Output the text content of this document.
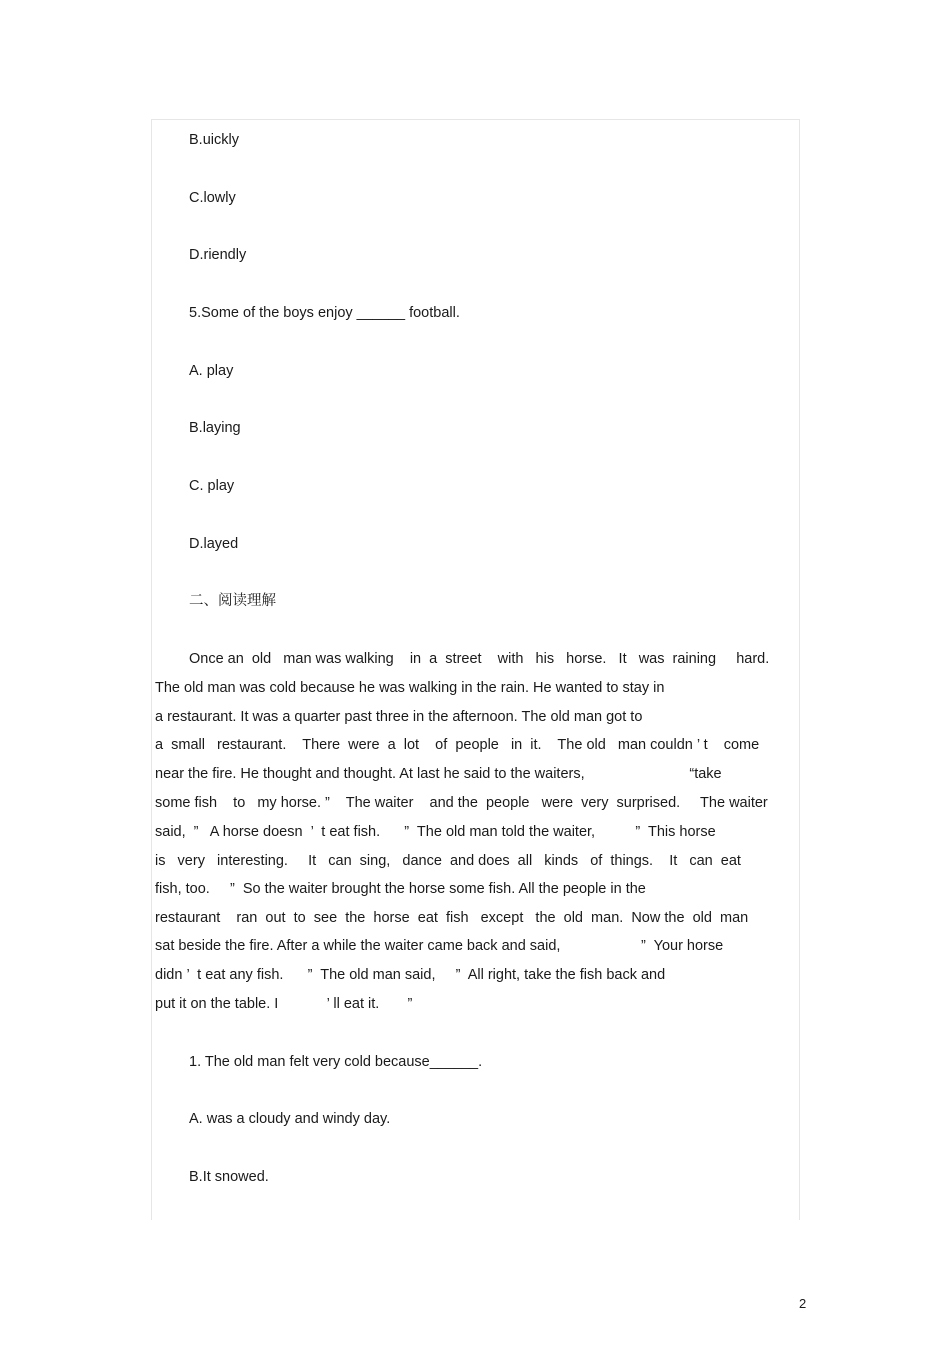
B.uickly
C.lowly
D.riendly
5.Some of the boys enjoy ______ football.
A. play
B.laying
C. play
D.layed
二、阅读理解
Once an  old   man was walking    in  a  street    with   his   horse.   It   was  raining     hard.
The old man was cold because he was walking in the rain. He wanted to stay in
a restaurant. It was a quarter past three in the afternoon. The old man got to
a  small   restaurant.    There  were  a  lot    of  people   in  it.    The old   man couldn ’ t    come
near the fire. He thought and thought. At last he said to the waiters,                          “take
some fish    to   my horse. ”    The waiter    and the  people   were  very  surprised.     The waiter
said,  ”   A horse doesn  ’  t eat fish.      ”  The old man told the waiter,          ”  This horse
is   very   interesting.     It   can  sing,   dance  and does  all   kinds   of  things.    It   can  eat
fish, too.     ”  So the waiter brought the horse some fish. All the people in the
restaurant    ran  out  to  see  the  horse  eat  fish   except   the  old  man.  Now the  old  man
sat beside the fire. After a while the waiter came back and said,                    ”  Your horse
didn ’  t eat any fish.      ”  The old man said,     ”  All right, take the fish back and
put it on the table. I            ’ ll eat it.       ”
1. The old man felt very cold because______.
A. was a cloudy and windy day.
B.It snowed.
2
